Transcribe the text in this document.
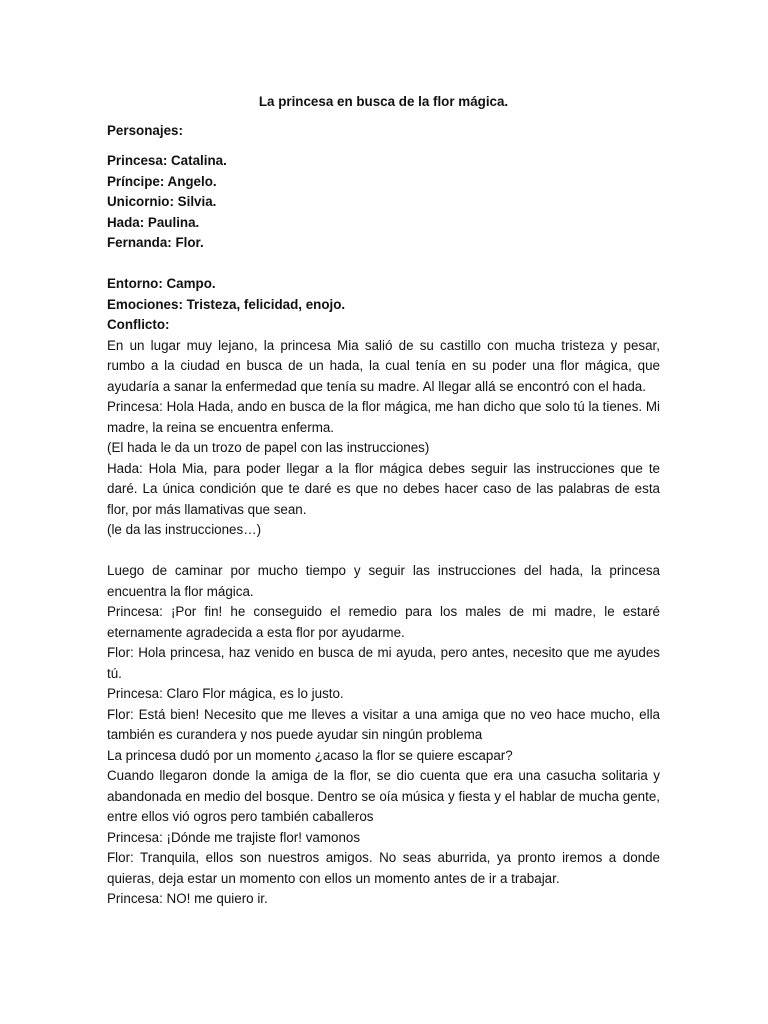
La princesa en busca de la flor mágica.

Personajes:

Princesa: Catalina.

Príncipe: Angelo.

Unicornio: Silvia.

Hada: Paulina.

Fernanda: Flor.

Entorno: Campo.

Emociones: Tristeza, felicidad, enojo.

Conflicto:

En un lugar muy lejano, la princesa Mia salió de su castillo con mucha tristeza y pesar, rumbo a la ciudad en busca de un hada, la cual tenía en su poder una flor mágica, que ayudaría a sanar la enfermedad que tenía su madre. Al llegar allá se encontró con el hada.

Princesa: Hola Hada, ando en busca de la flor mágica, me han dicho que solo tú la tienes. Mi madre, la reina se encuentra enferma.

(El hada le da un trozo de papel con las instrucciones)

Hada: Hola Mia, para poder llegar a la flor mágica debes seguir las instrucciones que te daré. La única condición que te daré es que no debes hacer caso de las palabras de esta flor, por más llamativas que sean.

(le da las instrucciones…)

Luego de caminar por mucho tiempo y seguir las instrucciones del hada, la princesa encuentra la flor mágica.

Princesa: ¡Por fin! he conseguido el remedio para los males de mi madre, le estaré eternamente agradecida a esta flor por ayudarme.

Flor: Hola princesa, haz venido en busca de mi ayuda, pero antes, necesito que me ayudes tú.

Princesa: Claro Flor mágica, es lo justo.

Flor: Está bien! Necesito que me lleves a visitar a una amiga que no veo hace mucho, ella también es curandera y nos puede ayudar sin ningún problema

La princesa dudó por un momento ¿acaso la flor se quiere escapar?

Cuando llegaron donde la amiga de la flor, se dio cuenta que era una casucha solitaria y abandonada en medio del bosque. Dentro se oía música y fiesta y el hablar de mucha gente, entre ellos vió ogros pero también caballeros

Princesa: ¡Dónde me trajiste flor! vamonos

Flor: Tranquila, ellos son nuestros amigos. No seas aburrida, ya pronto iremos a donde quieras, deja estar un momento con ellos un momento antes de ir a trabajar.

Princesa: NO! me quiero ir.
